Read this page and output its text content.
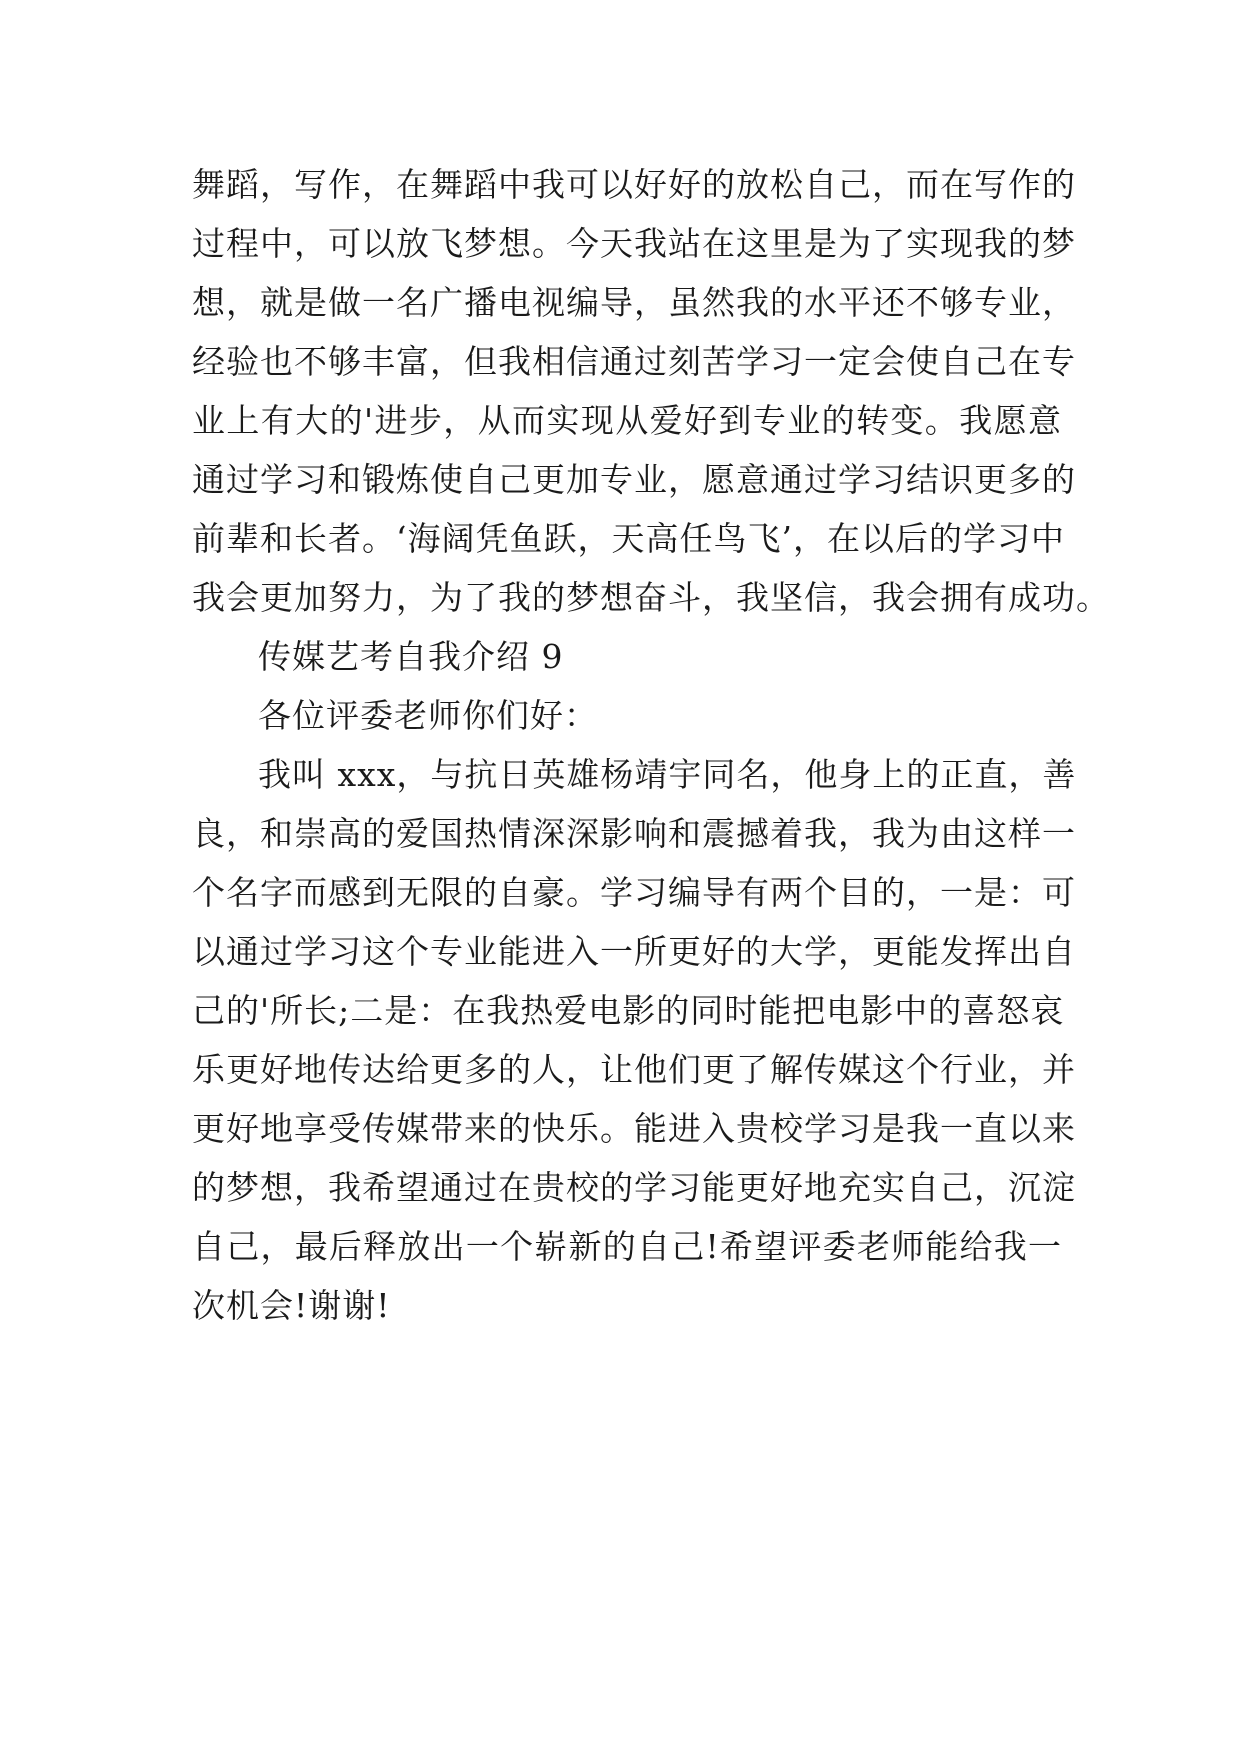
舞蹈，写作，在舞蹈中我可以好好的放松自己，而在写作的

过程中，可以放飞梦想。今天我站在这里是为了实现我的梦

想，就是做一名广播电视编导，虽然我的水平还不够专业，

经验也不够丰富，但我相信通过刻苦学习一定会使自己在专

业上有大的'进步，从而实现从爱好到专业的转变。我愿意

通过学习和锻炼使自己更加专业，愿意通过学习结识更多的

前辈和长者。‘海阔凭鱼跃，天高任鸟飞’，在以后的学习中

我会更加努力，为了我的梦想奋斗，我坚信，我会拥有成功。

传媒艺考自我介绍 9

各位评委老师你们好：

我叫 xxx，与抗日英雄杨靖宇同名，他身上的正直，善

良，和崇高的爱国热情深深影响和震撼着我，我为由这样一

个名字而感到无限的自豪。学习编导有两个目的，一是：可

以通过学习这个专业能进入一所更好的大学，更能发挥出自

己的'所长;二是：在我热爱电影的同时能把电影中的喜怒哀

乐更好地传达给更多的人，让他们更了解传媒这个行业，并

更好地享受传媒带来的快乐。能进入贵校学习是我一直以来

的梦想，我希望通过在贵校的学习能更好地充实自己，沉淀

自己，最后释放出一个崭新的自己!希望评委老师能给我一

次机会!谢谢!
